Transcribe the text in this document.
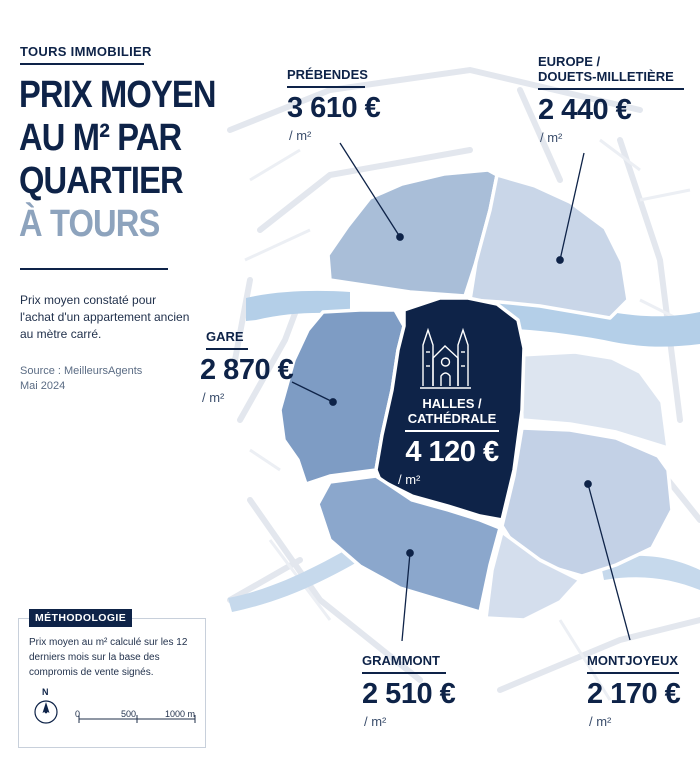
TOURS IMMOBILIER

PRIX MOYEN
AU M² PAR
QUARTIER
À TOURS

Prix moyen constaté pour l'achat d'un appartement ancien au mètre carré.

Source : MeilleursAgents
Mai 2024

PRÉBENDES
3 610 €
/ m²
EUROPE /
DOUETS-MILLETIÈRE
2 440 €
/ m²
GARE
2 870 €
/ m²	HALLES /
CATHÉDRALE
4 120 €
/ m²
GRAMMONT
2 510 €
/ m²
MONTJOYEUX
2 170 €
/ m²
MÉTHODOLOGIE

Prix moyen au m² calculé sur les 12 derniers mois sur la base des compromis de vente signés.

N
0	500	1000 m
